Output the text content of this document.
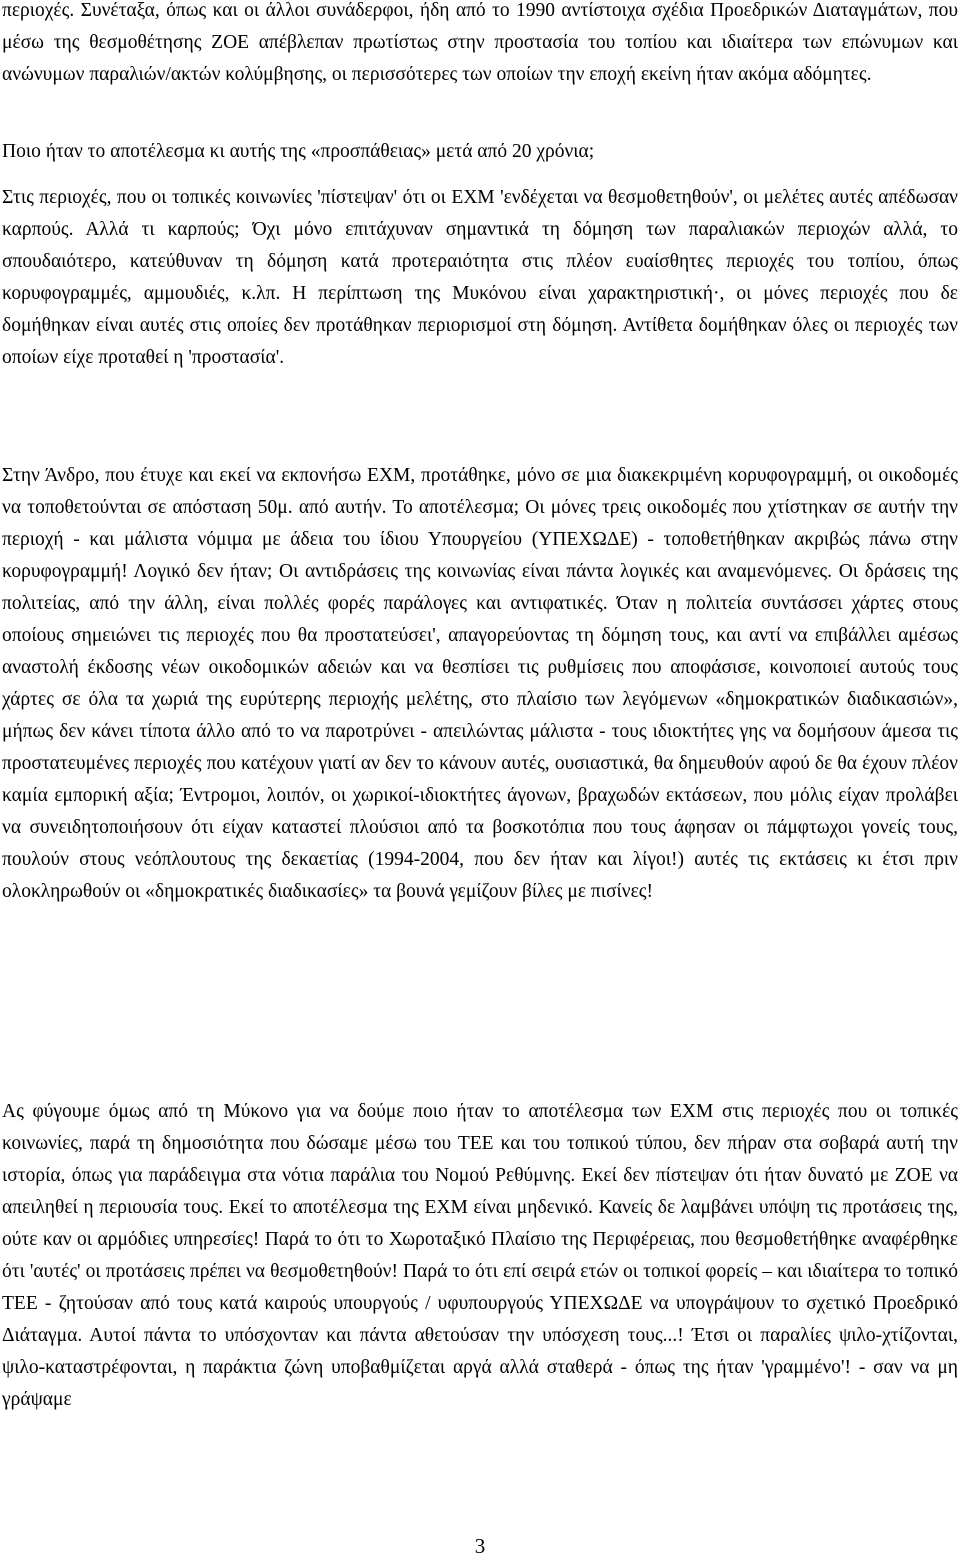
περιοχές. Συνέταξα, όπως και οι άλλοι συνάδερφοι, ήδη από το 1990 αντίστοιχα σχέδια Προεδρικών Διαταγμάτων, που μέσω της θεσμοθέτησης ΖΟΕ απέβλεπαν πρωτίστως στην προστασία του τοπίου και ιδιαίτερα των επώνυμων και ανώνυμων παραλιών/ακτών κολύμβησης, οι περισσότερες των οποίων την εποχή εκείνη ήταν ακόμα αδόμητες.

Ποιο ήταν το αποτέλεσμα κι αυτής της «προσπάθειας» μετά από 20 χρόνια;

Στις περιοχές, που οι τοπικές κοινωνίες 'πίστεψαν' ότι οι ΕΧΜ 'ενδέχεται να θεσμοθετηθούν', οι μελέτες αυτές απέδωσαν καρπούς. Αλλά τι καρπούς; Όχι μόνο επιτάχυναν σημαντικά τη δόμηση των παραλιακών περιοχών αλλά, το σπουδαιότερο, κατεύθυναν τη δόμηση κατά προτεραιότητα στις πλέον ευαίσθητες περιοχές του τοπίου, όπως κορυφογραμμές, αμμουδιές, κ.λπ. Η περίπτωση της Μυκόνου είναι χαρακτηριστική·, οι μόνες περιοχές που δε δομήθηκαν είναι αυτές στις οποίες δεν προτάθηκαν περιορισμοί στη δόμηση. Αντίθετα δομήθηκαν όλες οι περιοχές των οποίων είχε προταθεί η 'προστασία'.

Στην Άνδρο, που έτυχε και εκεί να εκπονήσω ΕΧΜ, προτάθηκε, μόνο σε μια διακεκριμένη κορυφογραμμή, οι οικοδομές να τοποθετούνται σε απόσταση 50μ. από αυτήν. Το αποτέλεσμα; Οι μόνες τρεις οικοδομές που χτίστηκαν σε αυτήν την περιοχή - και μάλιστα νόμιμα με άδεια του ίδιου Υπουργείου (ΥΠΕΧΩΔΕ) - τοποθετήθηκαν ακριβώς πάνω στην κορυφογραμμή! Λογικό δεν ήταν; Οι αντιδράσεις της κοινωνίας είναι πάντα λογικές και αναμενόμενες. Οι δράσεις της πολιτείας, από την άλλη, είναι πολλές φορές παράλογες και αντιφατικές. Όταν η πολιτεία συντάσσει χάρτες στους οποίους σημειώνει τις περιοχές που θα προστατεύσει', απαγορεύοντας τη δόμηση τους, και αντί να επιβάλλει αμέσως αναστολή έκδοσης νέων οικοδομικών αδειών και να θεσπίσει τις ρυθμίσεις που αποφάσισε, κοινοποιεί αυτούς τους χάρτες σε όλα τα χωριά της ευρύτερης περιοχής μελέτης, στο πλαίσιο των λεγόμενων «δημοκρατικών διαδικασιών», μήπως δεν κάνει τίποτα άλλο από το να παροτρύνει - απειλώντας μάλιστα - τους ιδιοκτήτες γης να δομήσουν άμεσα τις προστατευμένες περιοχές που κατέχουν γιατί αν δεν το κάνουν αυτές, ουσιαστικά, θα δημευθούν αφού δε θα έχουν πλέον καμία εμπορική αξία; Έντρομοι, λοιπόν, οι χωρικοί-ιδιοκτήτες άγονων, βραχωδών εκτάσεων, που μόλις είχαν προλάβει να συνειδητοποιήσουν ότι είχαν καταστεί πλούσιοι από τα βοσκοτόπια που τους άφησαν οι πάμφτωχοι γονείς τους, πουλούν στους νεόπλουτους της δεκαετίας (1994-2004, που δεν ήταν και λίγοι!) αυτές τις εκτάσεις κι έτσι πριν ολοκληρωθούν οι «δημοκρατικές διαδικασίες» τα βουνά γεμίζουν βίλες με πισίνες!

Ας φύγουμε όμως από τη Μύκονο για να δούμε ποιο ήταν το αποτέλεσμα των ΕΧΜ στις περιοχές που οι τοπικές κοινωνίες, παρά τη δημοσιότητα που δώσαμε μέσω του ΤΕΕ και του τοπικού τύπου, δεν πήραν στα σοβαρά αυτή την ιστορία, όπως για παράδειγμα στα νότια παράλια του Νομού Ρεθύμνης. Εκεί δεν πίστεψαν ότι ήταν δυνατό με ΖΟΕ να απειληθεί η περιουσία τους. Εκεί το αποτέλεσμα της ΕΧΜ είναι μηδενικό. Κανείς δε λαμβάνει υπόψη τις προτάσεις της, ούτε καν οι αρμόδιες υπηρεσίες! Παρά το ότι το Χωροταξικό Πλαίσιο της Περιφέρειας, που θεσμοθετήθηκε αναφέρθηκε ότι 'αυτές' οι προτάσεις πρέπει να θεσμοθετηθούν! Παρά το ότι επί σειρά ετών οι τοπικοί φορείς – και ιδιαίτερα το τοπικό ΤΕΕ - ζητούσαν από τους κατά καιρούς υπουργούς / υφυπουργούς ΥΠΕΧΩΔΕ να υπογράψουν το σχετικό Προεδρικό Διάταγμα. Αυτοί πάντα το υπόσχονταν και πάντα αθετούσαν την υπόσχεση τους...! Έτσι οι παραλίες ψιλο-χτίζονται, ψιλο-καταστρέφονται, η παράκτια ζώνη υποβαθμίζεται αργά αλλά σταθερά - όπως της ήταν 'γραμμένο'! - σαν να μη γράψαμε

3
